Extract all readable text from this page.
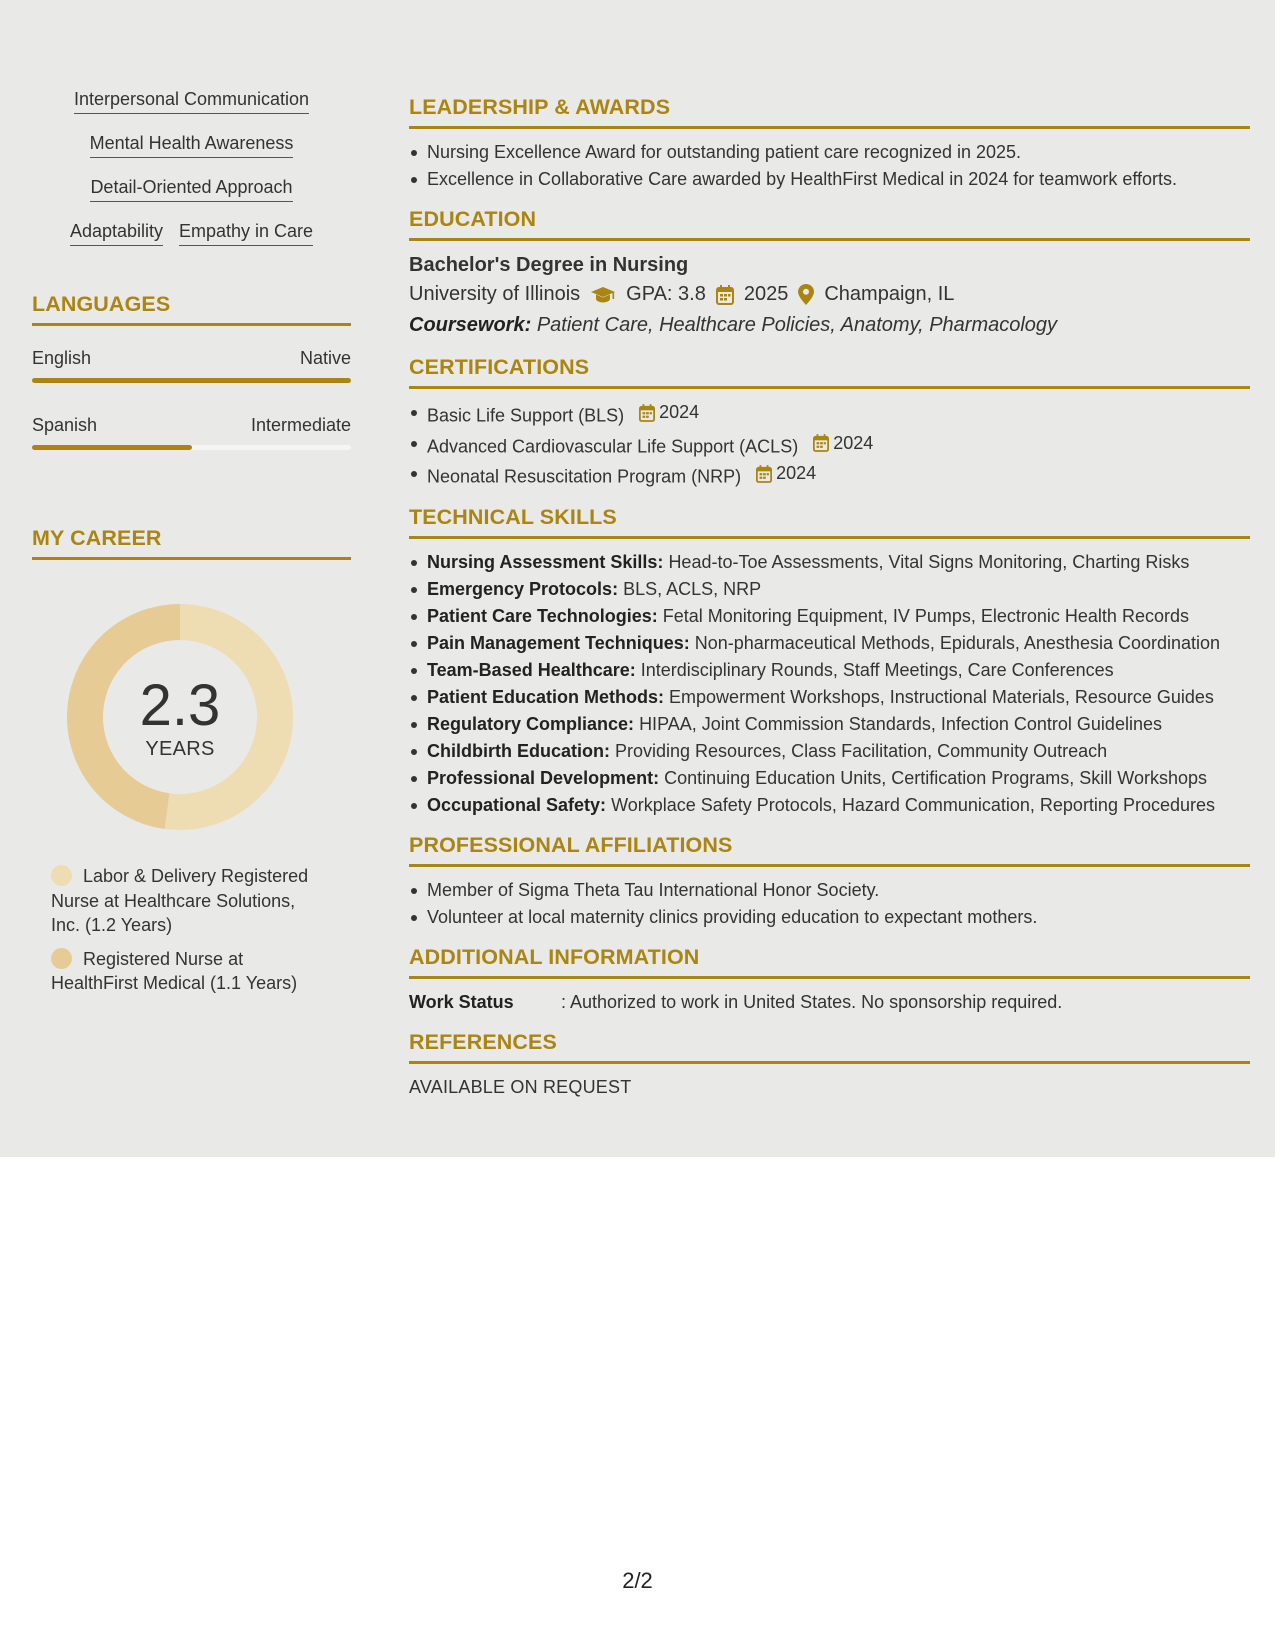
Interpersonal Communication
Mental Health Awareness
Detail-Oriented Approach
Adaptability Empathy in Care
LANGUAGES
English	Native
Spanish	Intermediate
MY CAREER
2.3
YEARS
Labor & Delivery Registered Nurse at Healthcare Solutions, Inc. (1.2 Years)
Registered Nurse at HealthFirst Medical (1.1 Years)
LEADERSHIP & AWARDS
Nursing Excellence Award for outstanding patient care recognized in 2025.
Excellence in Collaborative Care awarded by HealthFirst Medical in 2024 for teamwork efforts.
EDUCATION
Bachelor's Degree in Nursing
University of Illinois GPA: 3.8 2025 Champaign, IL
Coursework: Patient Care, Healthcare Policies, Anatomy, Pharmacology
CERTIFICATIONS
Basic Life Support (BLS) 2024
Advanced Cardiovascular Life Support (ACLS) 2024
Neonatal Resuscitation Program (NRP) 2024
TECHNICAL SKILLS
Nursing Assessment Skills: Head-to-Toe Assessments, Vital Signs Monitoring, Charting Risks
Emergency Protocols: BLS, ACLS, NRP
Patient Care Technologies: Fetal Monitoring Equipment, IV Pumps, Electronic Health Records
Pain Management Techniques: Non-pharmaceutical Methods, Epidurals, Anesthesia Coordination
Team-Based Healthcare: Interdisciplinary Rounds, Staff Meetings, Care Conferences
Patient Education Methods: Empowerment Workshops, Instructional Materials, Resource Guides
Regulatory Compliance: HIPAA, Joint Commission Standards, Infection Control Guidelines
Childbirth Education: Providing Resources, Class Facilitation, Community Outreach
Professional Development: Continuing Education Units, Certification Programs, Skill Workshops
Occupational Safety: Workplace Safety Protocols, Hazard Communication, Reporting Procedures
PROFESSIONAL AFFILIATIONS
Member of Sigma Theta Tau International Honor Society.
Volunteer at local maternity clinics providing education to expectant mothers.
ADDITIONAL INFORMATION
Work Status	: Authorized to work in United States. No sponsorship required.
REFERENCES
AVAILABLE ON REQUEST
2/2
